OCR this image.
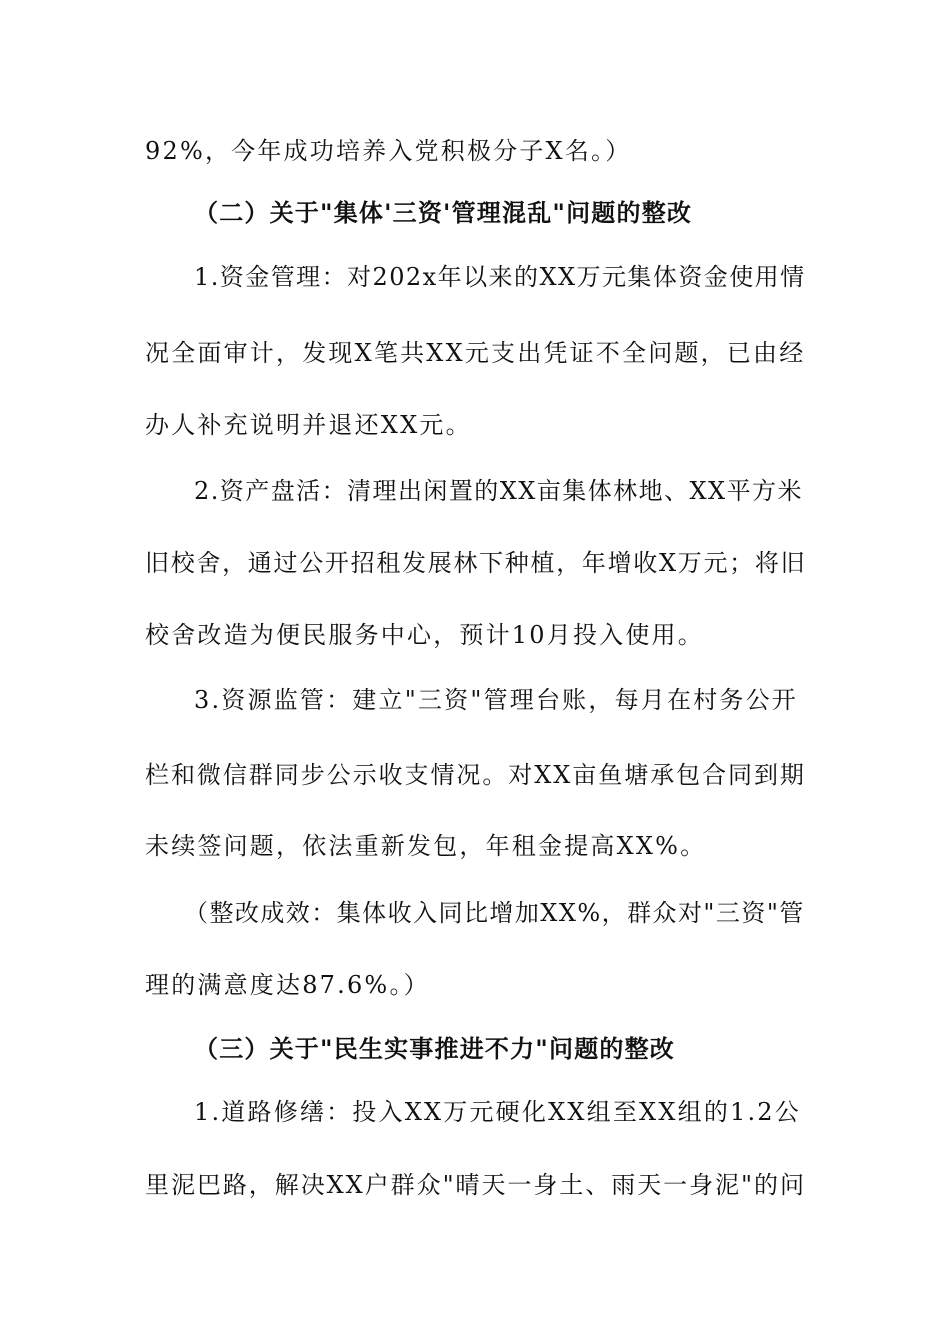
92%，今年成功培养入党积极分子X名。）
（二）关于"集体'三资'管理混乱"问题的整改
1.资金管理：对202x年以来的XX万元集体资金使用情
况全面审计，发现X笔共XX元支出凭证不全问题，已由经
办人补充说明并退还XX元。
2.资产盘活：清理出闲置的XX亩集体林地、XX平方米
旧校舍，通过公开招租发展林下种植，年增收X万元；将旧
校舍改造为便民服务中心，预计10月投入使用。
3.资源监管：建立"三资"管理台账，每月在村务公开
栏和微信群同步公示收支情况。对XX亩鱼塘承包合同到期
未续签问题，依法重新发包，年租金提高XX%。
（整改成效：集体收入同比增加XX%，群众对"三资"管
理的满意度达87.6%。）
（三）关于"民生实事推进不力"问题的整改
1.道路修缮：投入XX万元硬化XX组至XX组的1.2公
里泥巴路，解决XX户群众"晴天一身土、雨天一身泥"的问
